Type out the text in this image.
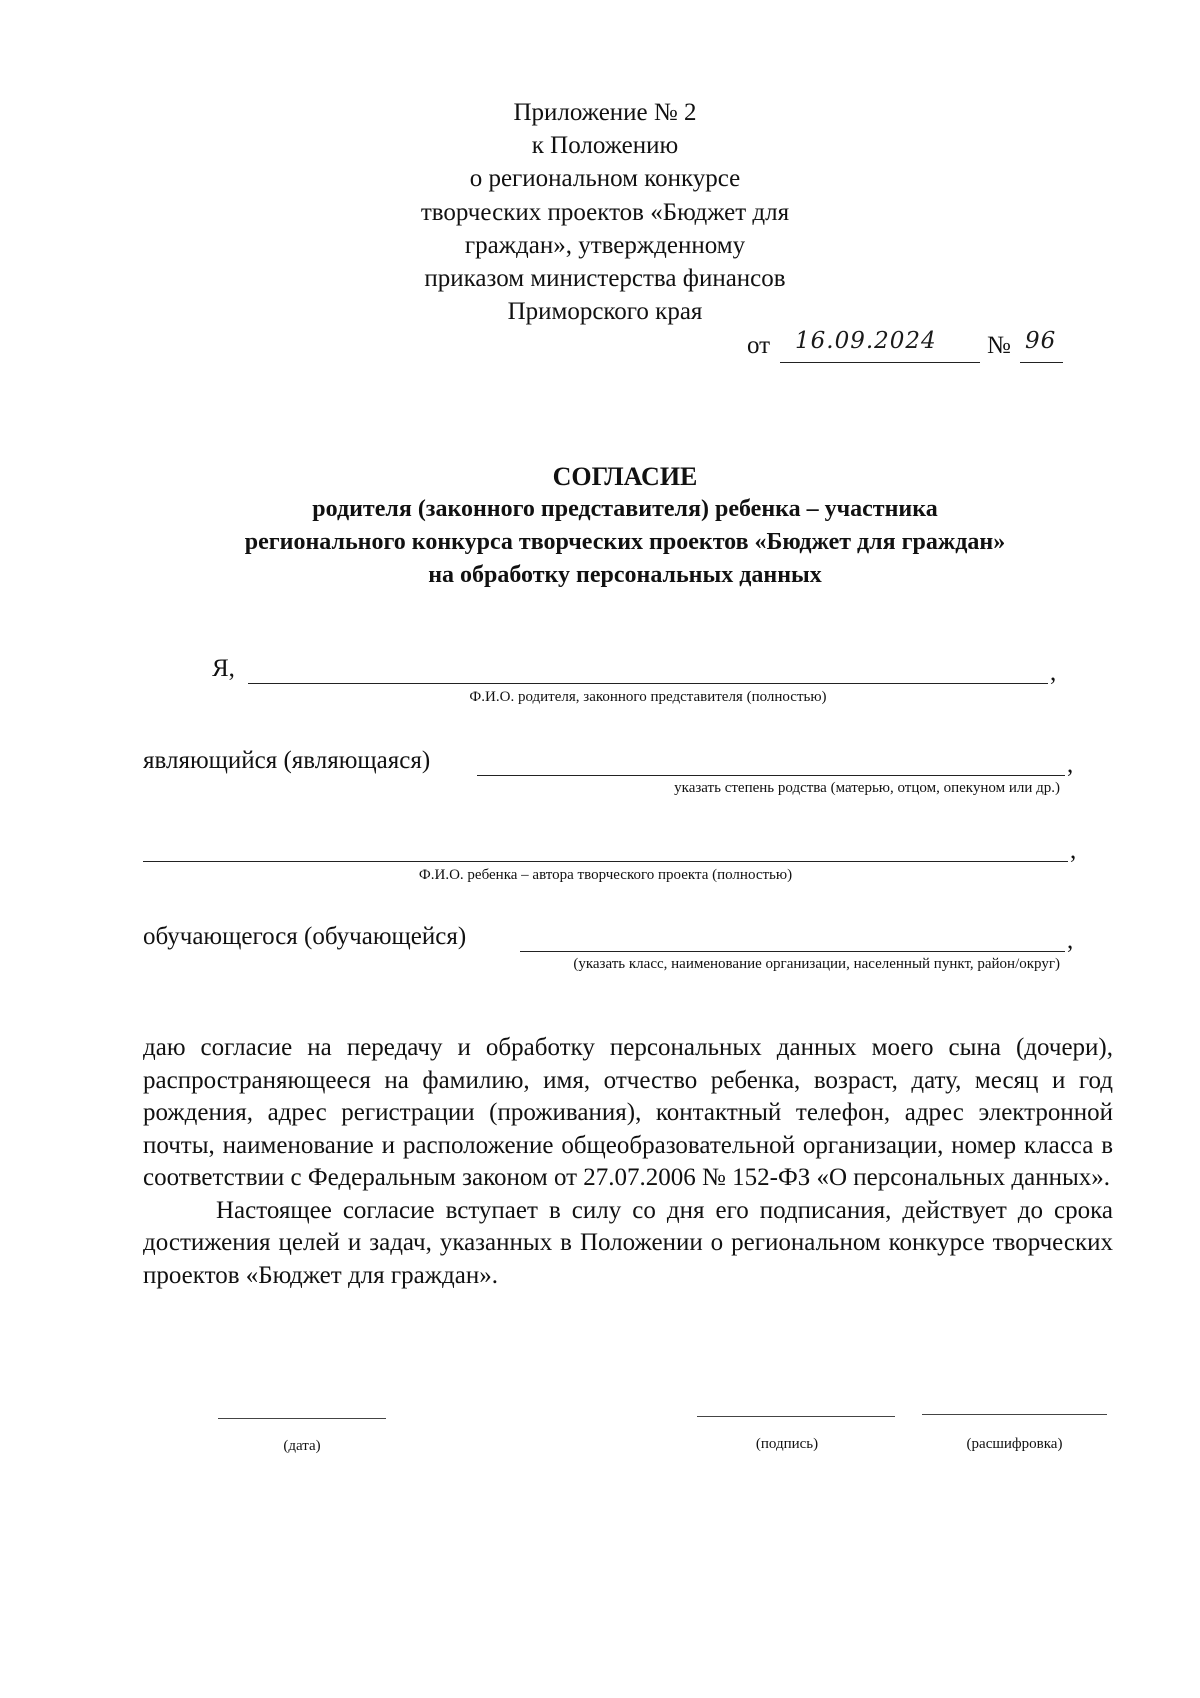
Приложение № 2
к Положению
о региональном конкурсе
творческих проектов «Бюджет для
граждан», утвержденному
приказом министерства финансов
Приморского края
от 16.09.2024 № 96
СОГЛАСИЕ
родителя (законного представителя) ребенка – участника
регионального конкурса творческих проектов «Бюджет для граждан»
на обработку персональных данных
Я,	,
Ф.И.О. родителя, законного представителя (полностью)
являющийся (являющаяся)	,
указать степень родства (матерью, отцом, опекуном или др.)
,
Ф.И.О. ребенка – автора творческого проекта (полностью)
обучающегося (обучающейся)	,
(указать класс, наименование организации, населенный пункт, район/округ)

даю согласие на передачу и обработку персональных данных моего сына (дочери), распространяющееся на фамилию, имя, отчество ребенка, возраст, дату, месяц и год рождения, адрес регистрации (проживания), контактный телефон, адрес электронной почты, наименование и расположение общеобразовательной организации, номер класса в соответствии с Федеральным законом от 27.07.2006 № 152-ФЗ «О персональных данных».

Настоящее согласие вступает в силу со дня его подписания, действует до срока достижения целей и задач, указанных в Положении о региональном конкурсе творческих проектов «Бюджет для граждан».

(дата)	(подпись)	(расшифровка)
